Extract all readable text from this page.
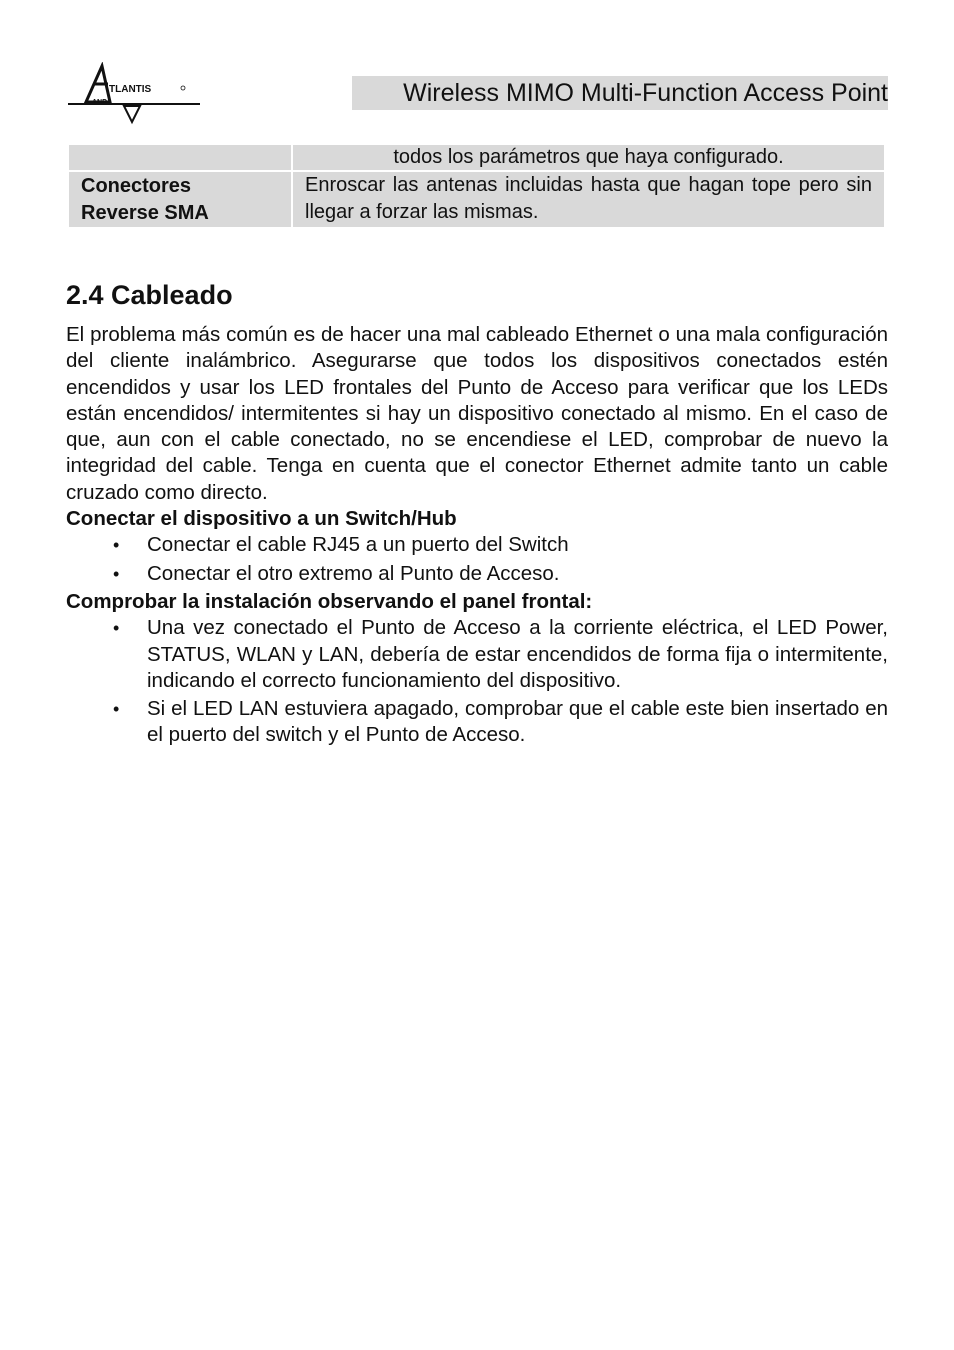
TLANTIS
AND	Wireless MIMO Multi-Function Access Point
	todos los parámetros que haya configurado.

Conectores
Reverse SMA	Enroscar las antenas incluidas hasta que hagan tope pero sin llegar a forzar las mismas.
2.4 Cableado

El problema más común es de hacer una mal cableado Ethernet o una mala configuración del cliente inalámbrico. Asegurarse que todos los dispositivos conectados estén encendidos y usar los LED frontales del Punto de Acceso para verificar que los LEDs están encendidos/ intermitentes si hay un dispositivo conectado al mismo. En el caso de que, aun con el cable conectado, no se encendiese el LED, comprobar de nuevo la integridad del cable. Tenga en cuenta que el conector Ethernet admite tanto un cable cruzado como directo.

Conectar el dispositivo a un Switch/Hub
• Conectar el cable RJ45 a un puerto del Switch
• Conectar el otro extremo al Punto de Acceso.
Comprobar la instalación observando el panel frontal:
• Una vez conectado el Punto de Acceso a la corriente eléctrica, el LED Power, STATUS, WLAN y LAN, debería de estar encendidos de forma fija o intermitente, indicando el correcto funcionamiento del dispositivo.
• Si el LED LAN estuviera apagado, comprobar que el cable este bien insertado en el puerto del switch y el Punto de Acceso.
